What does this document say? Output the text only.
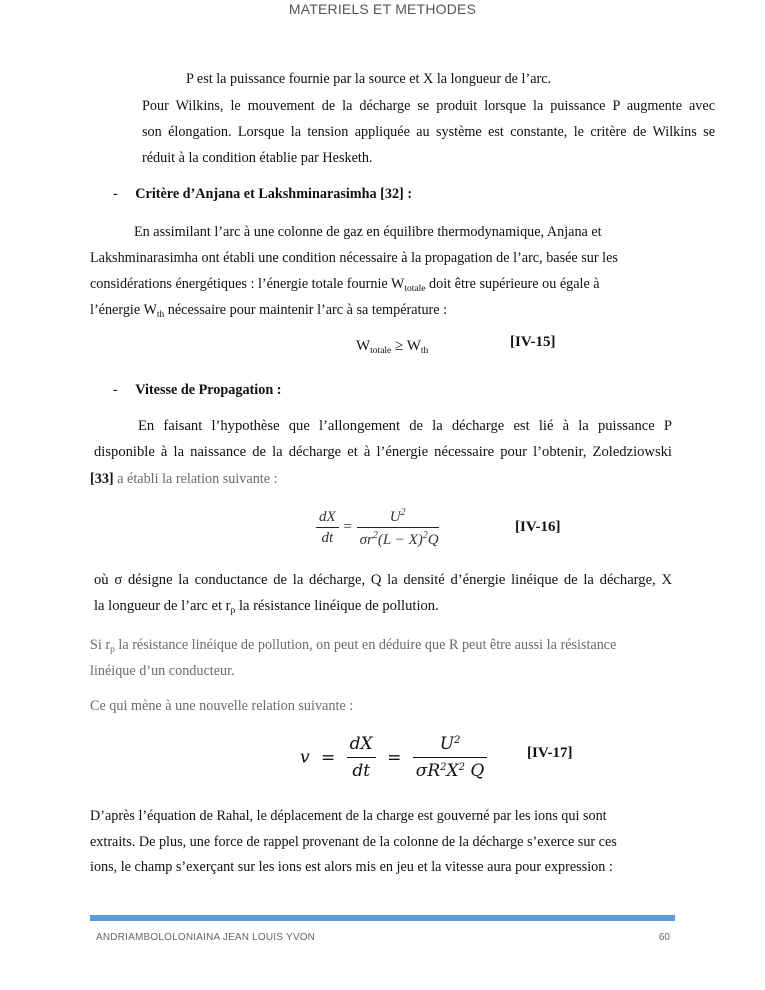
MATERIELS ET METHODES
P est la puissance fournie par la source et X la longueur de l’arc.
Pour Wilkins, le mouvement de la décharge se produit lorsque la puissance P augmente avec
son élongation. Lorsque la tension appliquée au système est constante, le critère de Wilkins se
réduit à la condition établie par Hesketh.
- Critère d’Anjana et Lakshminarasimha [32] :
En assimilant l’arc à une colonne de gaz en équilibre thermodynamique, Anjana et
Lakshminarasimha ont établi une condition nécessaire à la propagation de l’arc, basée sur les
considérations énergétiques : l’énergie totale fournie $W_{totale}$ doit être supérieure ou égale à
l’énergie $W_{th}$ nécessaire pour maintenir l’arc à sa température :
$W_{totale} \ge W_{th}$
[IV-15]
- Vitesse de Propagation :
En faisant l’hypothèse que l’allongement de la décharge est lié à la puissance P
disponible à la naissance de la décharge et à l’énergie nécessaire pour l’obtenir, Zoledziowski
[33] a établi la relation suivante :
$\frac{dX}{dt} = \frac{U^2}{\sigma r^2(L - X)^2Q}$	[IV-16]
où σ désigne la conductance de la décharge, Q la densité d’énergie linéique de la décharge, X
la longueur de l’arc et $r_p$ la résistance linéique de pollution.
Si $r_p$ la résistance linéique de pollution, on peut en déduire que R peut être aussi la résistance
linéique d’un conducteur.
Ce qui mène à une nouvelle relation suivante :
$v = \frac{dX}{dt} = \frac{U^2}{\sigma R^2X^2 Q}$	[IV-17]
D’après l’équation de Rahal, le déplacement de la charge est gouverné par les ions qui sont
extraits. De plus, une force de rappel provenant de la colonne de la décharge s’exerce sur ces
ions, le champ s’exerçant sur les ions est alors mis en jeu et la vitesse aura pour expression :
ANDRIAMBOLOLONIAINA JEAN LOUIS YVON	60
